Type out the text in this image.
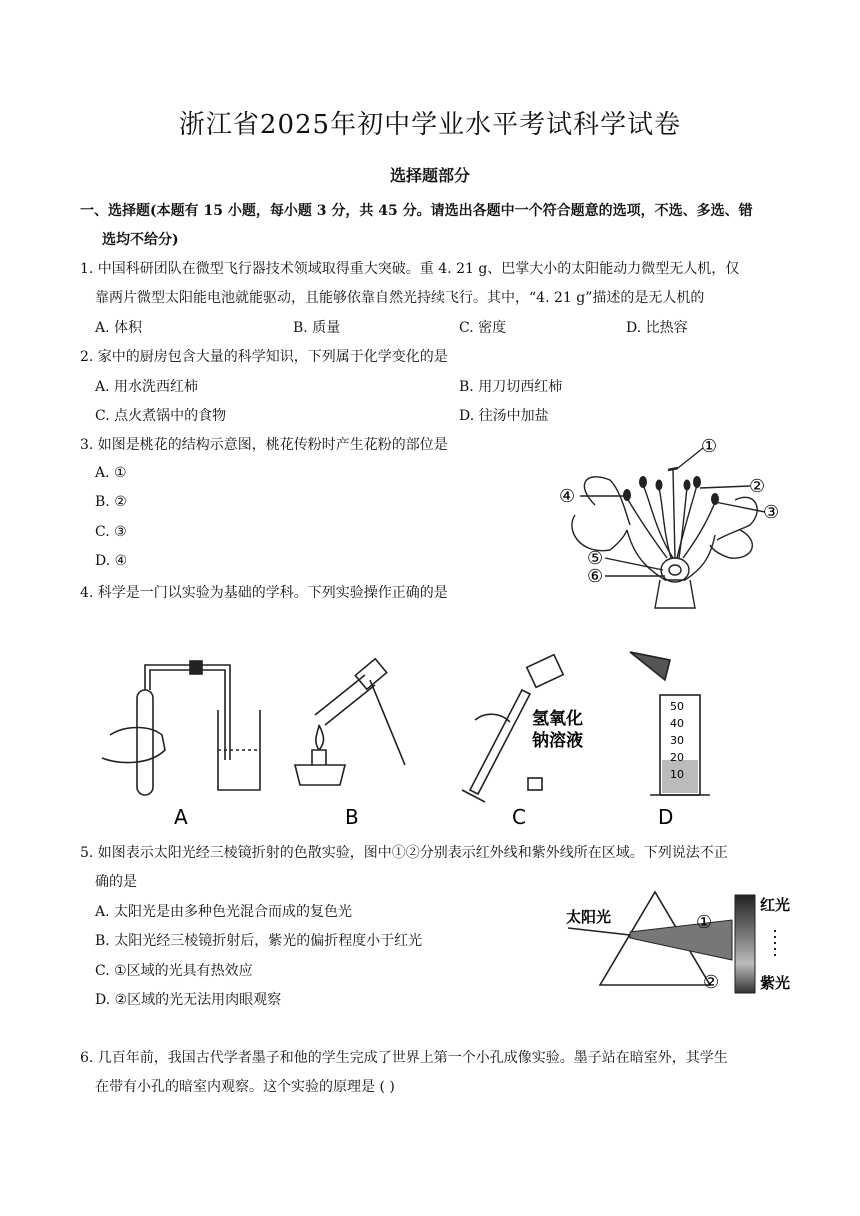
浙江省2025年初中学业水平考试科学试卷
选择题部分
一、选择题(本题有 15 小题，每小题 3 分，共 45 分。请选出各题中一个符合题意的选项，不选、多选、错
选均不给分)
1. 中国科研团队在微型飞行器技术领域取得重大突破。重 4. 21 g、巴掌大小的太阳能动力微型无人机，仅
靠两片微型太阳能电池就能驱动，且能够依靠自然光持续飞行。其中，“4. 21 g”描述的是无人机的
A. 体积	B. 质量	C. 密度	D. 比热容
2. 家中的厨房包含大量的科学知识，下列属于化学变化的是
A. 用水洗西红柿	B. 用刀切西红柿
C. 点火煮锅中的食物	D. 往汤中加盐
3. 如图是桃花的结构示意图，桃花传粉时产生花粉的部位是
A. ①
B. ②
C. ③
D. ④
①
②
③
④
⑤
⑥
4. 科学是一门以实验为基础的学科。下列实验操作正确的是
50
40
30
20
10
氢氧化
钠溶液
A	B	C	D
5. 如图表示太阳光经三棱镜折射的色散实验，图中①②分别表示红外线和紫外线所在区域。下列说法不正
确的是
A. 太阳光是由多种色光混合而成的复色光
B. 太阳光经三棱镜折射后，紫光的偏折程度小于红光
C. ①区域的光具有热效应
D. ②区域的光无法用肉眼观察
太阳光	①
②
红光
紫光
6. 几百年前，我国古代学者墨子和他的学生完成了世界上第一个小孔成像实验。墨子站在暗室外，其学生
在带有小孔的暗室内观察。这个实验的原理是 ( )
